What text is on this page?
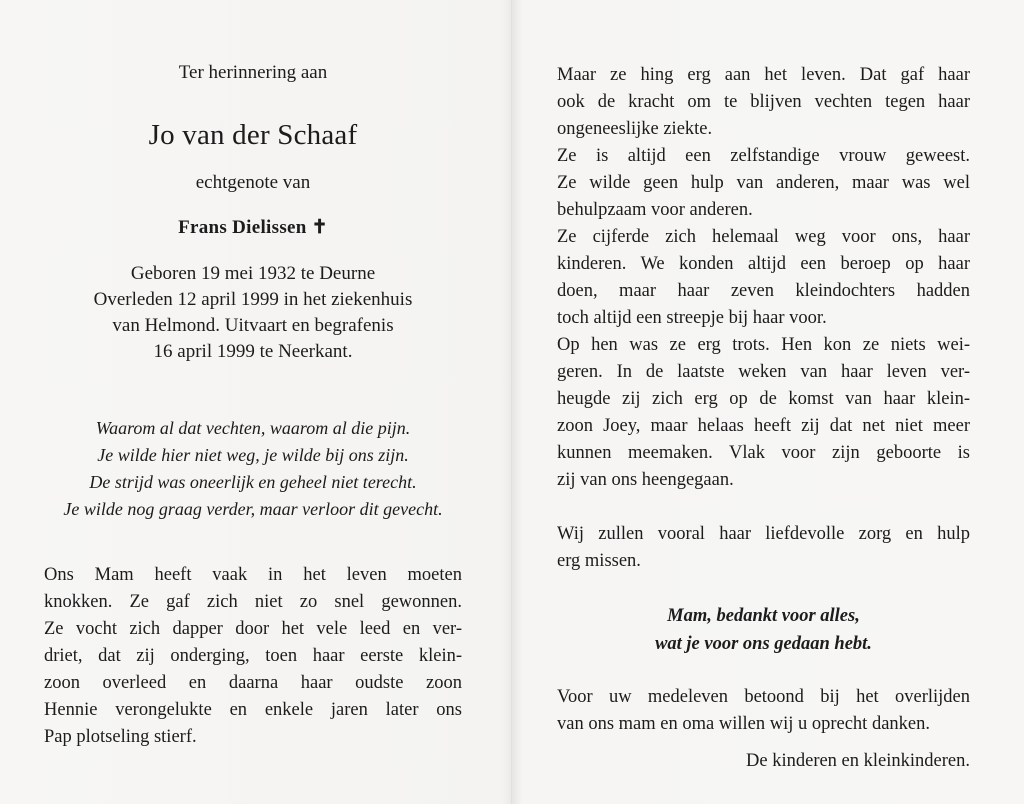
Ter herinnering aan

Jo van der Schaaf

echtgenote van

Frans Dielissen ✝

Geboren 19 mei 1932 te Deurne
Overleden 12 april 1999 in het ziekenhuis
van Helmond. Uitvaart en begrafenis
16 april 1999 te Neerkant.
Waarom al dat vechten, waarom al die pijn.
Je wilde hier niet weg, je wilde bij ons zijn.
De strijd was oneerlijk en geheel niet terecht.
Je wilde nog graag verder, maar verloor dit gevecht.
Ons Mam heeft vaak in het leven moeten
knokken. Ze gaf zich niet zo snel gewonnen.
Ze vocht zich dapper door het vele leed en ver-
driet, dat zij onderging, toen haar eerste klein-
zoon overleed en daarna haar oudste zoon
Hennie verongelukte en enkele jaren later ons
Pap plotseling stierf.
Maar ze hing erg aan het leven. Dat gaf haar
ook de kracht om te blijven vechten tegen haar
ongeneeslijke ziekte.
Ze is altijd een zelfstandige vrouw geweest.
Ze wilde geen hulp van anderen, maar was wel
behulpzaam voor anderen.
Ze cijferde zich helemaal weg voor ons, haar
kinderen. We konden altijd een beroep op haar
doen, maar haar zeven kleindochters hadden
toch altijd een streepje bij haar voor.
Op hen was ze erg trots. Hen kon ze niets wei-
geren. In de laatste weken van haar leven ver-
heugde zij zich erg op de komst van haar klein-
zoon Joey, maar helaas heeft zij dat net niet meer
kunnen meemaken. Vlak voor zijn geboorte is
zij van ons heengegaan.
Wij zullen vooral haar liefdevolle zorg en hulp
erg missen.
Mam, bedankt voor alles,
wat je voor ons gedaan hebt.
Voor uw medeleven betoond bij het overlijden
van ons mam en oma willen wij u oprecht danken.

De kinderen en kleinkinderen.
